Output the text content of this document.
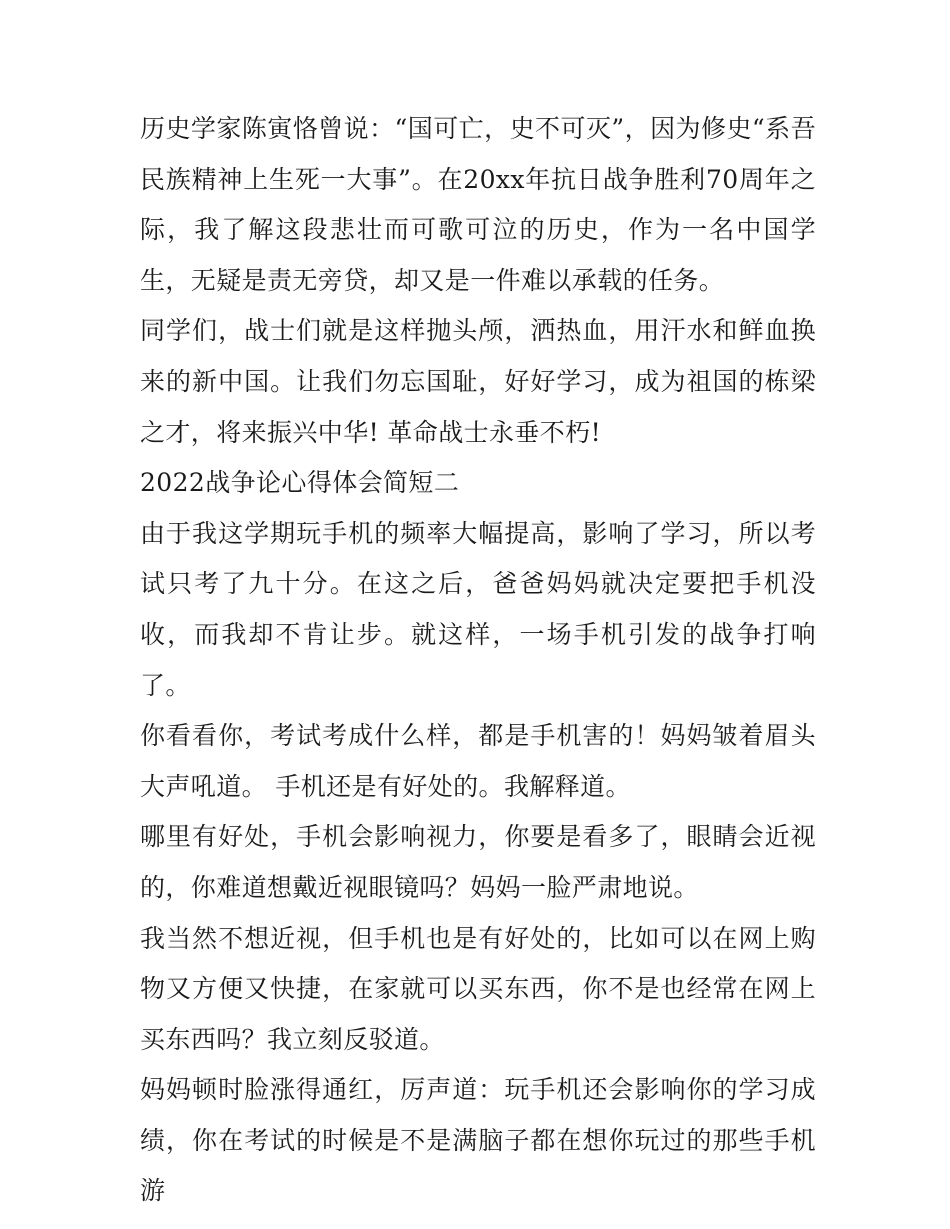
历史学家陈寅恪曾说：“国可亡，史不可灭”，因为修史“系吾民族精神上生死一大事”。在20xx年抗日战争胜利70周年之际，我了解这段悲壮而可歌可泣的历史，作为一名中国学生，无疑是责无旁贷，却又是一件难以承载的任务。

同学们，战士们就是这样抛头颅，洒热血，用汗水和鲜血换来的新中国。让我们勿忘国耻，好好学习，成为祖国的栋梁之才，将来振兴中华! 革命战士永垂不朽!

2022战争论心得体会简短二

由于我这学期玩手机的频率大幅提高，影响了学习，所以考试只考了九十分。在这之后，爸爸妈妈就决定要把手机没收，而我却不肯让步。就这样，一场手机引发的战争打响了。

你看看你，考试考成什么样，都是手机害的！妈妈皱着眉头大声吼道。 手机还是有好处的。我解释道。

哪里有好处，手机会影响视力，你要是看多了，眼睛会近视的，你难道想戴近视眼镜吗？妈妈一脸严肃地说。

我当然不想近视，但手机也是有好处的，比如可以在网上购物又方便又快捷，在家就可以买东西，你不是也经常在网上买东西吗？我立刻反驳道。

妈妈顿时脸涨得通红，厉声道：玩手机还会影响你的学习成绩，你在考试的时候是不是满脑子都在想你玩过的那些手机游
